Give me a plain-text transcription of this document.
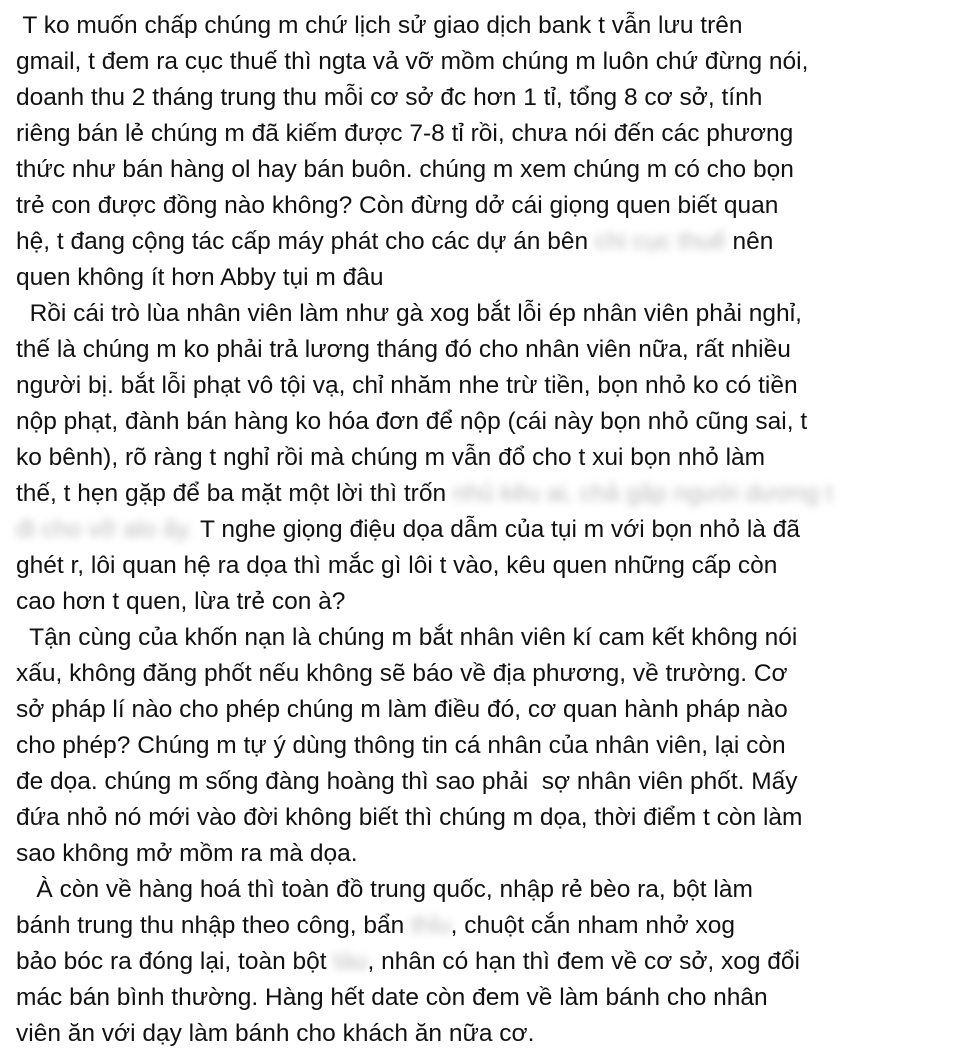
T ko muốn chấp chúng m chứ lịch sử giao dịch bank t vẫn lưu trên
gmail, t đem ra cục thuế thì ngta vả vỡ mồm chúng m luôn chứ đừng nói,
doanh thu 2 tháng trung thu mỗi cơ sở đc hơn 1 tỉ, tổng 8 cơ sở, tính
riêng bán lẻ chúng m đã kiếm được 7-8 tỉ rồi, chưa nói đến các phương
thức như bán hàng ol hay bán buôn. chúng m xem chúng m có cho bọn
trẻ con được đồng nào không? Còn đừng dở cái giọng quen biết quan
hệ, t đang cộng tác cấp máy phát cho các dự án bên chi cục thuế nên
quen không ít hơn Abby tụi m đâu
Rồi cái trò lùa nhân viên làm như gà xog bắt lỗi ép nhân viên phải nghỉ,
thế là chúng m ko phải trả lương tháng đó cho nhân viên nữa, rất nhiều
người bị. bắt lỗi phạt vô tội vạ, chỉ nhăm nhe trừ tiền, bọn nhỏ ko có tiền
nộp phạt, đành bán hàng ko hóa đơn để nộp (cái này bọn nhỏ cũng sai, t
ko bênh), rõ ràng t nghỉ rồi mà chúng m vẫn đổ cho t xui bọn nhỏ làm
thế, t hẹn gặp để ba mặt một lời thì trốn nhủ kêu ai, chả gặp người dương t
đi cho vỡ alo ấy. T nghe giọng điệu dọa dẫm của tụi m với bọn nhỏ là đã
ghét r, lôi quan hệ ra dọa thì mắc gì lôi t vào, kêu quen những cấp còn
cao hơn t quen, lừa trẻ con à?
Tận cùng của khốn nạn là chúng m bắt nhân viên kí cam kết không nói
xấu, không đăng phốt nếu không sẽ báo về địa phương, về trường. Cơ
sở pháp lí nào cho phép chúng m làm điều đó, cơ quan hành pháp nào
cho phép? Chúng m tự ý dùng thông tin cá nhân của nhân viên, lại còn
đe dọa. chúng m sống đàng hoàng thì sao phải  sợ nhân viên phốt. Mấy
đứa nhỏ nó mới vào đời không biết thì chúng m dọa, thời điểm t còn làm
sao không mở mồm ra mà dọa.
À còn về hàng hoá thì toàn đồ trung quốc, nhập rẻ bèo ra, bột làm
bánh trung thu nhập theo công, bẩn thỉu, chuột cắn nham nhở xog
bảo bóc ra đóng lại, toàn bột tàu, nhân có hạn thì đem về cơ sở, xog đổi
mác bán bình thường. Hàng hết date còn đem về làm bánh cho nhân
viên ăn với dạy làm bánh cho khách ăn nữa cơ.
